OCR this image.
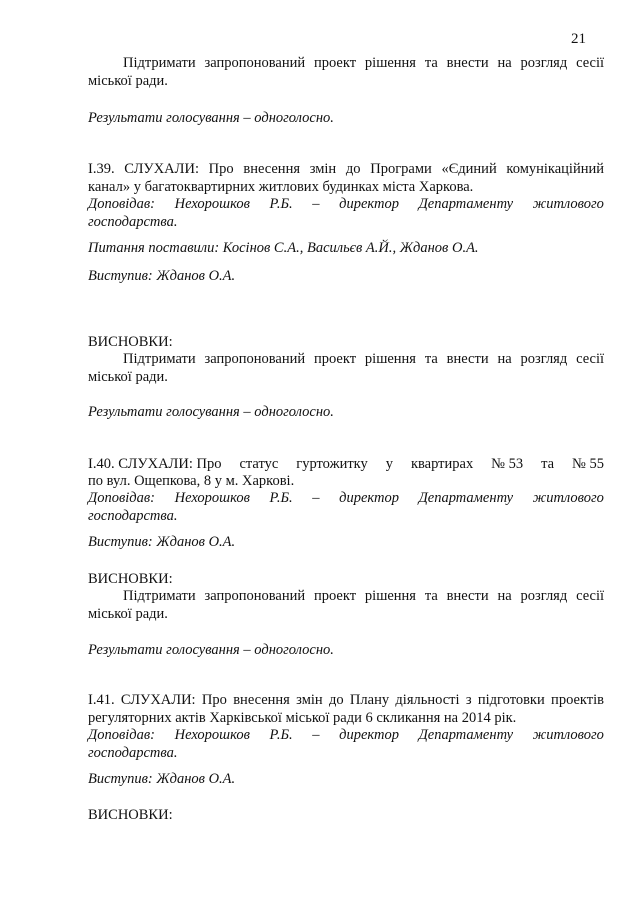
21

Підтримати запропонований проект рішення та внести на розгляд сесії міської ради.

Результати голосування – одноголосно.

І.39. СЛУХАЛИ: Про внесення змін до Програми «Єдиний комунікаційний

канал» у багатоквартирних житлових будинках міста Харкова.

Доповідав: Нехорошков Р.Б. – директор Департаменту житлового

господарства.

Питання поставили: Косінов С.А., Васильєв А.Й., Жданов О.А.

Виступив: Жданов О.А.

ВИСНОВКИ:

Підтримати запропонований проект рішення та внести на розгляд сесії міської ради.

Результати голосування – одноголосно.

І.40. СЛУХАЛИ: Про статус гуртожитку у квартирах № 53 та № 55

по вул. Ощепкова, 8 у м. Харкові.

Доповідав: Нехорошков Р.Б. – директор Департаменту житлового

господарства.

Виступив: Жданов О.А.

ВИСНОВКИ:

Підтримати запропонований проект рішення та внести на розгляд сесії міської ради.

Результати голосування – одноголосно.

І.41. СЛУХАЛИ: Про внесення змін до Плану діяльності з підготовки проектів

регуляторних актів Харківської міської ради 6 скликання на 2014 рік.

Доповідав: Нехорошков Р.Б. – директор Департаменту житлового

господарства.

Виступив: Жданов О.А.

ВИСНОВКИ:
